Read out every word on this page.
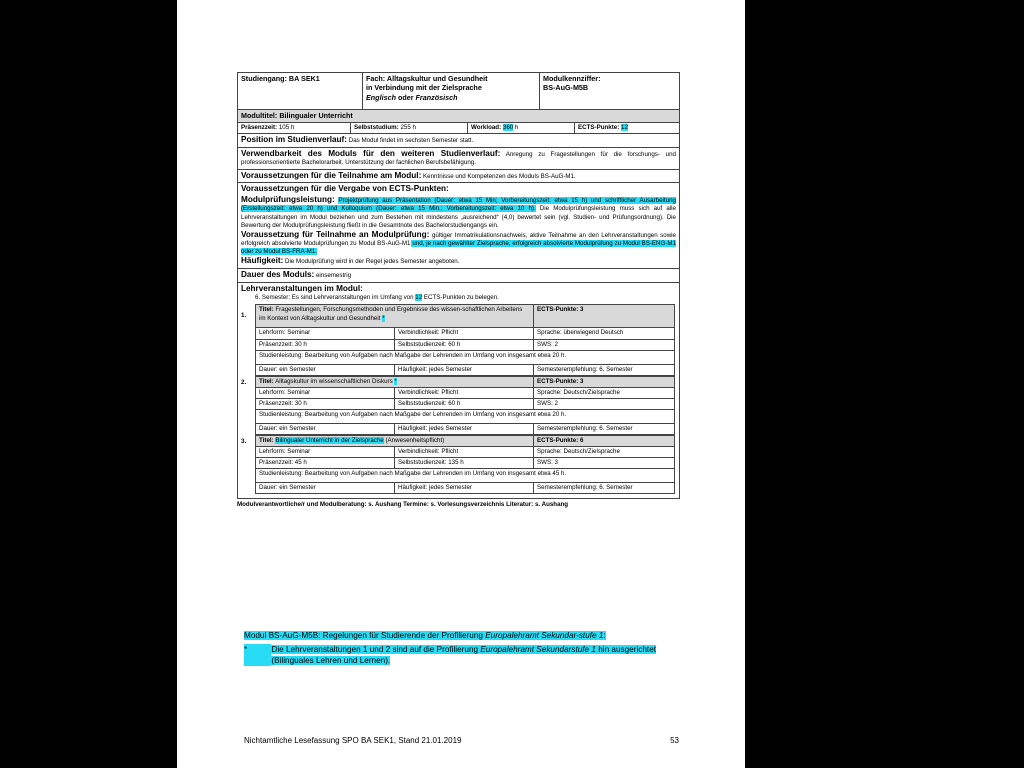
Studiengang: BA SEK1	Fach: Alltagskultur und Gesundheit
in Verbindung mit der Zielsprache
Englisch oder Französisch

Modulkennziffer:
BS-AuG-M5B

Modultitel: Bilingualer Unterricht

Präsenzzeit: 105 h	Selbststudium: 255 h	Workload: 360 h	ECTS-Punkte: 12

Position im Studienverlauf: Das Modul findet im sechsten Semester statt.
Verwendbarkeit des Moduls für den weiteren Studienverlauf: Anregung zu Fragestellungen für die forschungs- und professionsorientierte Bachelorarbeit. Unterstützung der fachlichen Berufsbefähigung.
Voraussetzungen für die Teilnahme am Modul: Kenntnisse und Kompetenzen des Moduls BS-AuG-M1.

Voraussetzungen für die Vergabe von ECTS-Punkten:
Modulprüfungsleistung: Projektprüfung aus Präsentation (Dauer: etwa 15 Min; Vorbereitungszeit: etwa 15 h) und schriftlicher Ausarbeitung (Erstellungszeit: etwa 20 h) und Kolloquium (Dauer: etwa 15 Min.; Vorbereitungszeit: etwa 10 h). Die Modulprüfungsleistung muss sich auf alle Lehrveranstaltungen im Modul beziehen und zum Bestehen mit mindestens „ausreichend“ (4,0) bewertet sein (vgl. Studien- und Prüfungsordnung). Die Bewertung der Modulprüfungsleistung fließt in die Gesamtnote des Bachelorstudiengangs ein.
Voraussetzung für Teilnahme an Modulprüfung: gültiger Immatrikulationsnachweis, aktive Teilnahme an den Lehrveranstaltungen sowie erfolgreich absolvierte Modulprüfungen zu Modul BS-AuG-M1 und, je nach gewählter Zielsprache, erfolgreich absolvierte Modulprüfung zu Modul BS-ENG-M1 oder zu Modul BS-FRA-M1.
Häufigkeit: Die Modulprüfung wird in der Regel jedes Semester angeboten.

Dauer des Moduls: einsemestrig

Lehrveranstaltungen im Modul:
6. Semester: Es sind Lehrveranstaltungen im Umfang von 12 ECTS-Punkten zu belegen.
1.
Titel: Fragestellungen, Forschungsmethoden und Ergebnisse des wissen-schaftlichen Arbeitens im Kontext von Alltagskultur und Gesundheit *	ECTS-Punkte: 3
Lehrform: Seminar	Verbindlichkeit: Pflicht	Sprache: überwiegend Deutsch
Präsenzzeit: 30 h	Selbststudienzeit: 60 h	SWS: 2
Studienleistung: Bearbeitung von Aufgaben nach Maßgabe der Lehrenden im Umfang von insgesamt etwa 20 h.
Dauer: ein Semester	Häufigkeit: jedes Semester	Semesterempfehlung: 6. Semester
2. Titel: Alltagskultur im wissenschaftlichen Diskurs *	ECTS-Punkte: 3
Lehrform: Seminar	Verbindlichkeit: Pflicht	Sprache: Deutsch/Zielsprache
Präsenzzeit: 30 h	Selbststudienzeit: 60 h	SWS: 2
Studienleistung: Bearbeitung von Aufgaben nach Maßgabe der Lehrenden im Umfang von insgesamt etwa 20 h.
Dauer: ein Semester	Häufigkeit: jedes Semester	Semesterempfehlung: 6. Semester
3. Titel: Bilingualer Unterricht in der Zielsprache (Anwesenheitspflicht)	ECTS-Punkte: 6
Lehrform: Seminar	Verbindlichkeit: Pflicht	Sprache: Deutsch/Zielsprache
Präsenzzeit: 45 h	Selbststudienzeit: 135 h	SWS: 3
Studienleistung: Bearbeitung von Aufgaben nach Maßgabe der Lehrenden im Umfang von insgesamt etwa 45 h.
Dauer: ein Semester	Häufigkeit: jedes Semester	Semesterempfehlung: 6. Semester
Modulverantwortliche/r und Modulberatung: s. Aushang Termine: s. Vorlesungsverzeichnis Literatur: s. Aushang
Modul BS-AuG-M5B: Regelungen für Studierende der Profilierung Europalehramt Sekundar-stufe 1:
*	Die Lehrveranstaltungen 1 und 2 sind auf die Profilierung Europalehramt Sekundarstufe 1 hin ausgerichtet (Bilinguales Lehren und Lernen).
Nichtamtliche Lesefassung SPO BA SEK1, Stand 21.01.2019	53
